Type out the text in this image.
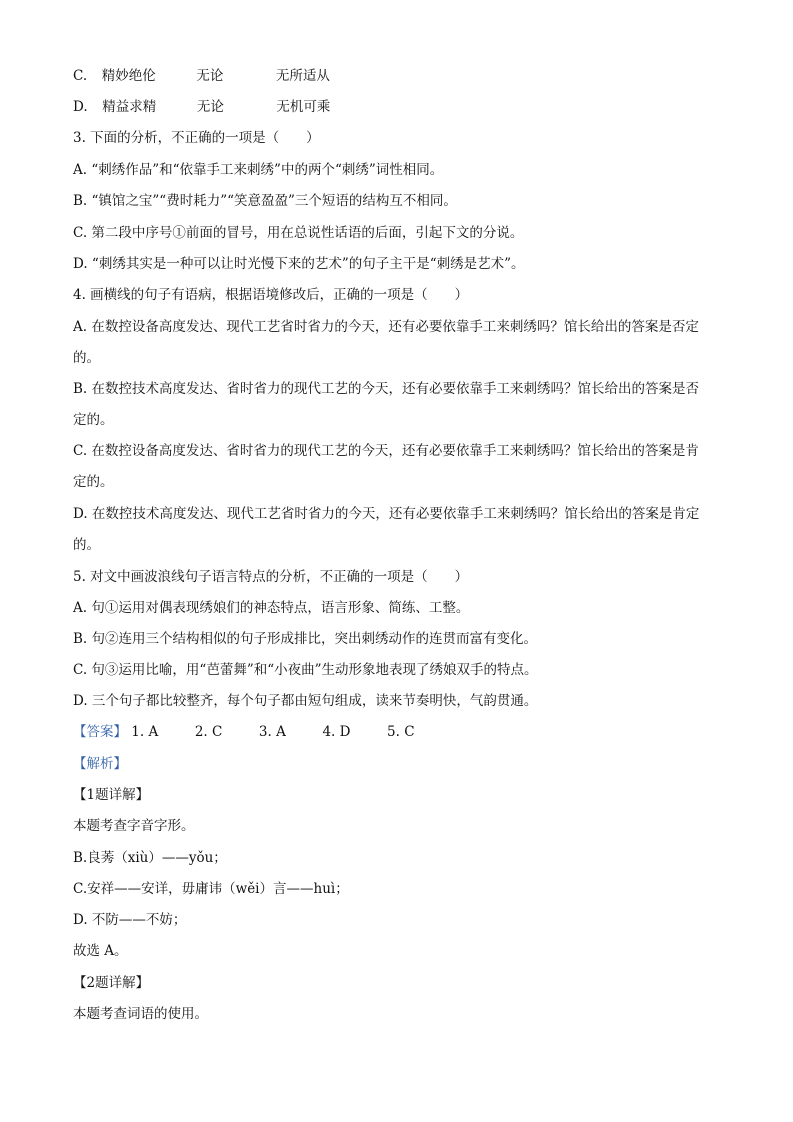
C. 精妙绝伦	无论	无所适从
D. 精益求精	无论	无机可乘
3. 下面的分析，不正确的一项是（　　）
A. “刺绣作品”和“依靠手工来刺绣”中的两个“刺绣”词性相同。
B. “镇馆之宝”“费时耗力”“笑意盈盈”三个短语的结构互不相同。
C. 第二段中序号①前面的冒号，用在总说性话语的后面，引起下文的分说。
D. “刺绣其实是一种可以让时光慢下来的艺术”的句子主干是“刺绣是艺术”。
4. 画横线的句子有语病，根据语境修改后，正确的一项是（　　）
A. 在数控设备高度发达、现代工艺省时省力的今天，还有必要依靠手工来刺绣吗？馆长给出的答案是否定
的。
B. 在数控技术高度发达、省时省力的现代工艺的今天，还有必要依靠手工来刺绣吗？馆长给出的答案是否
定的。
C. 在数控设备高度发达、省时省力的现代工艺的今天，还有必要依靠手工来刺绣吗？馆长给出的答案是肯
定的。
D. 在数控技术高度发达、现代工艺省时省力的今天，还有必要依靠手工来刺绣吗？馆长给出的答案是肯定
的。
5. 对文中画波浪线句子语言特点的分析，不正确的一项是（　　）
A. 句①运用对偶表现绣娘们的神态特点，语言形象、简练、工整。
B. 句②连用三个结构相似的句子形成排比，突出刺绣动作的连贯而富有变化。
C. 句③运用比喻，用“芭蕾舞”和“小夜曲”生动形象地表现了绣娘双手的特点。
D. 三个句子都比较整齐，每个句子都由短句组成，读来节奏明快，气韵贯通。
【答案】 1. A	2. C	3. A	4. D	5. C
【解析】
【1题详解】
本题考查字音字形。
B.良莠（xiù）——yǒu；
C.安祥——安详，毋庸讳（wěi）言——huì；
D. 不防——不妨；
故选 A。
【2题详解】
本题考查词语的使用。
